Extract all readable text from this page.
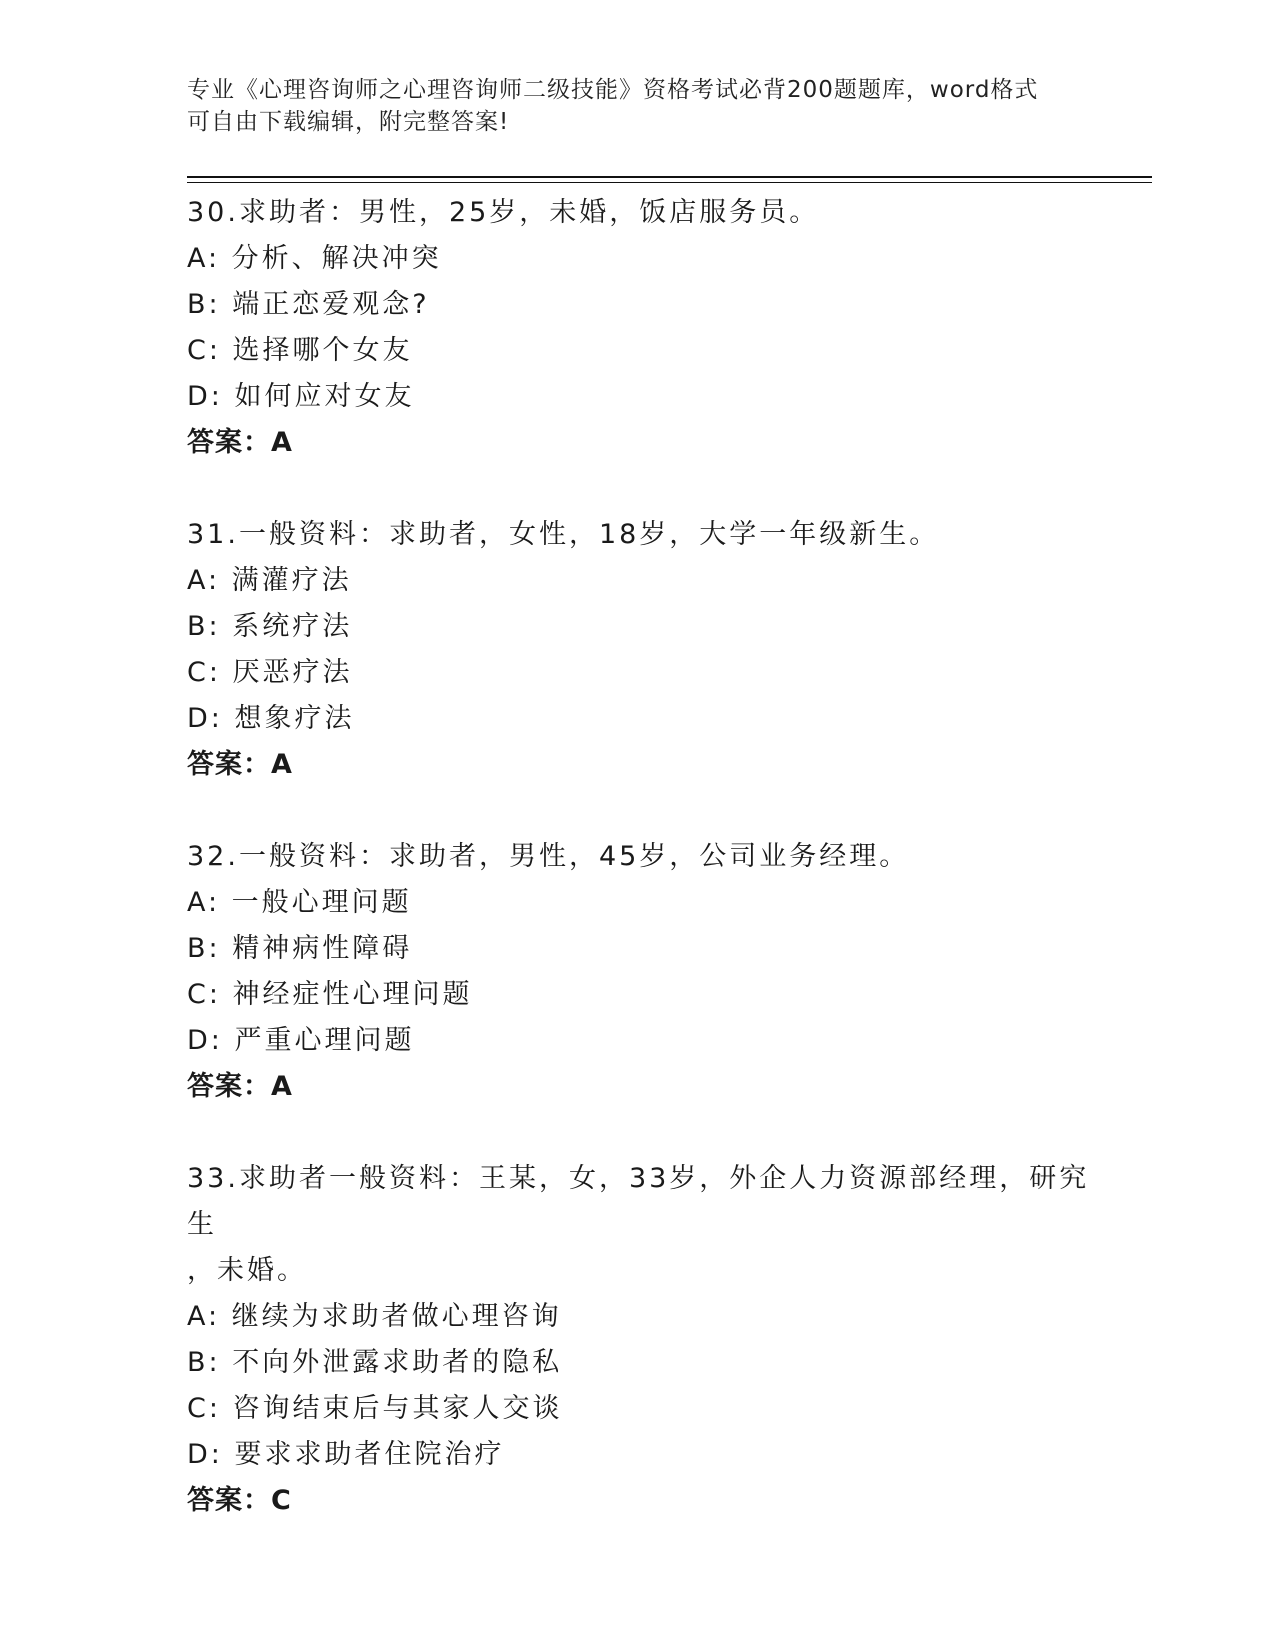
专业《心理咨询师之心理咨询师二级技能》资格考试必背200题题库，word格式
可自由下载编辑，附完整答案!
30.求助者：男性，25岁，未婚，饭店服务员。
A: 分析、解决冲突
B: 端正恋爱观念?
C: 选择哪个女友
D: 如何应对女友
答案：A
31.一般资料：求助者，女性，18岁，大学一年级新生。
A: 满灌疗法
B: 系统疗法
C: 厌恶疗法
D: 想象疗法
答案：A
32.一般资料：求助者，男性，45岁，公司业务经理。
A: 一般心理问题
B: 精神病性障碍
C: 神经症性心理问题
D: 严重心理问题
答案：A
33.求助者一般资料：王某，女，33岁，外企人力资源部经理，研究生
，未婚。
A: 继续为求助者做心理咨询
B: 不向外泄露求助者的隐私
C: 咨询结束后与其家人交谈
D: 要求求助者住院治疗
答案：C
